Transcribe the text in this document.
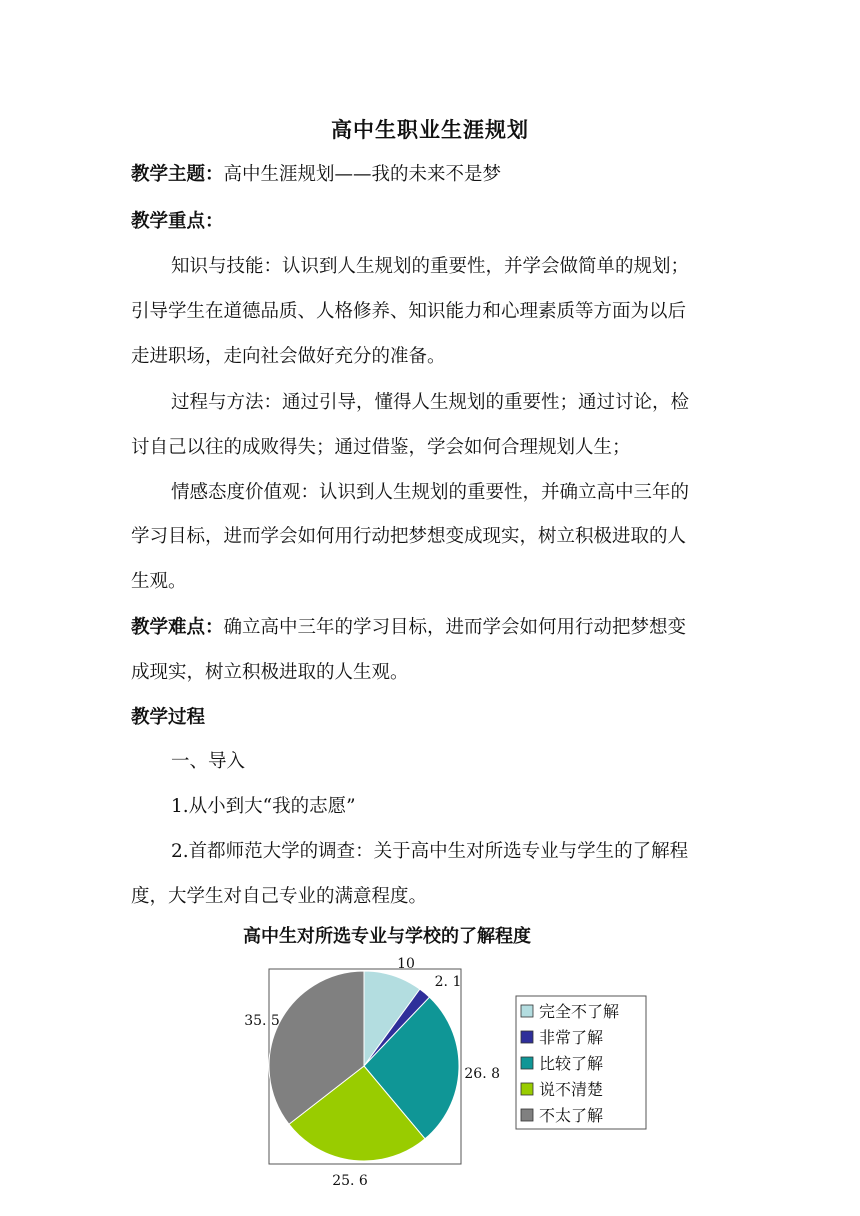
高中生职业生涯规划
教学主题：高中生涯规划——我的未来不是梦
教学重点：
知识与技能：认识到人生规划的重要性，并学会做简单的规划；
引导学生在道德品质、人格修养、知识能力和心理素质等方面为以后
走进职场，走向社会做好充分的准备。
过程与方法：通过引导，懂得人生规划的重要性；通过讨论，检
讨自己以往的成败得失；通过借鉴，学会如何合理规划人生；
情感态度价值观：认识到人生规划的重要性，并确立高中三年的
学习目标，进而学会如何用行动把梦想变成现实，树立积极进取的人
生观。
教学难点：确立高中三年的学习目标，进而学会如何用行动把梦想变
成现实，树立积极进取的人生观。
教学过程
一、导入
1.从小到大“我的志愿”
2.首都师范大学的调查：关于高中生对所选专业与学生的了解程
度，大学生对自己专业的满意程度。
高中生对所选专业与学校的了解程度
10
2. 1
26. 8
25. 6
35. 5	完全不了解
非常了解
比较了解
说不清楚
不太了解
